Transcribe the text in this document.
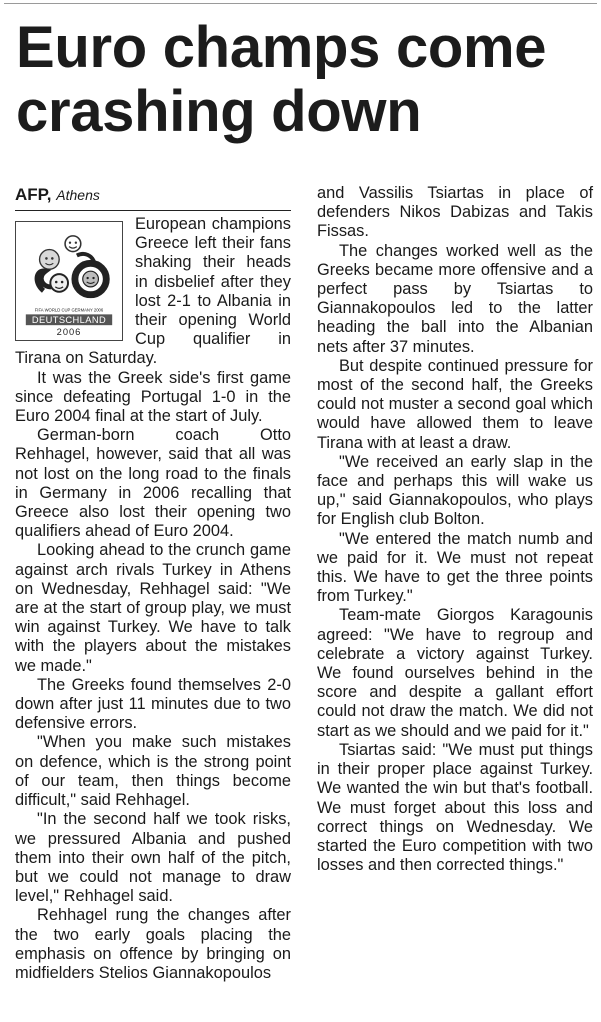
Euro champs come crashing down
AFP, Athens
FIFA WORLD CUP GERMANY 2006
DEUTSCHLAND
2006

European champions Greece left their fans shaking their heads in disbelief after they lost 2-1 to Albania in their opening World Cup qualifier in Tirana on Saturday.

It was the Greek side's first game since defeating Portugal 1-0 in the Euro 2004 final at the start of July.

German-born coach Otto Rehhagel, however, said that all was not lost on the long road to the finals in Germany in 2006 recalling that Greece also lost their opening two qualifiers ahead of Euro 2004.

Looking ahead to the crunch game against arch rivals Turkey in Athens on Wednesday, Rehhagel said: "We are at the start of group play, we must win against Turkey. We have to talk with the players about the mistakes we made."

The Greeks found themselves 2-0 down after just 11 minutes due to two defensive errors.

"When you make such mistakes on defence, which is the strong point of our team, then things become difficult," said Rehhagel.

"In the second half we took risks, we pressured Albania and pushed them into their own half of the pitch, but we could not manage to draw level," Rehhagel said.

Rehhagel rung the changes after the two early goals placing the emphasis on offence by bringing on midfielders Stelios Giannakopoulos

and Vassilis Tsiartas in place of defenders Nikos Dabizas and Takis Fissas.

The changes worked well as the Greeks became more offensive and a perfect pass by Tsiartas to Giannakopoulos led to the latter heading the ball into the Albanian nets after 37 minutes.

But despite continued pressure for most of the second half, the Greeks could not muster a second goal which would have allowed them to leave Tirana with at least a draw.

"We received an early slap in the face and perhaps this will wake us up," said Giannakopoulos, who plays for English club Bolton.

"We entered the match numb and we paid for it. We must not repeat this. We have to get the three points from Turkey."

Team-mate Giorgos Karagounis agreed: "We have to regroup and celebrate a victory against Turkey. We found ourselves behind in the score and despite a gallant effort could not draw the match. We did not start as we should and we paid for it."

Tsiartas said: "We must put things in their proper place against Turkey. We wanted the win but that's football. We must forget about this loss and correct things on Wednesday. We started the Euro competition with two losses and then corrected things."
